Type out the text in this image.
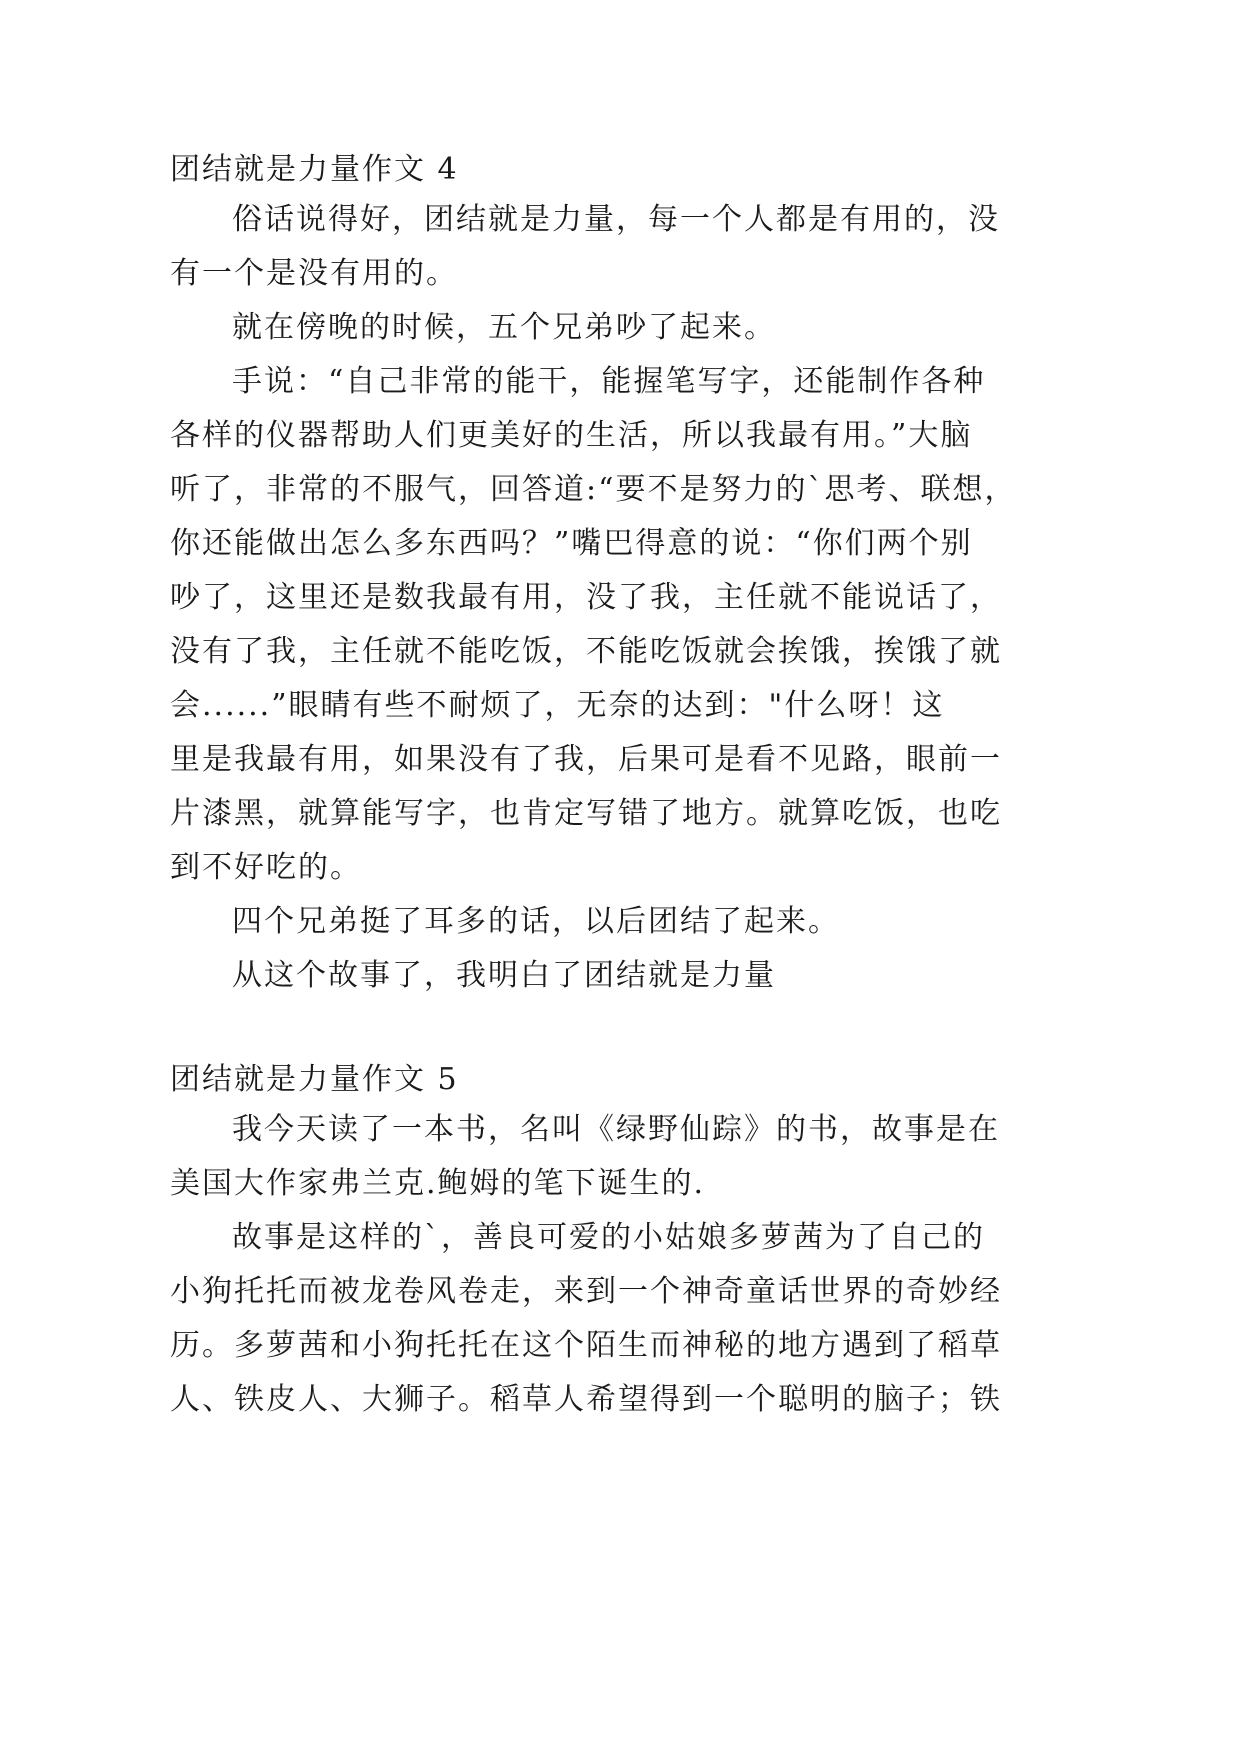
团结就是力量作文 4
俗话说得好，团结就是力量，每一个人都是有用的，没
有一个是没有用的。
就在傍晚的时候，五个兄弟吵了起来。
手说：“自己非常的能干，能握笔写字，还能制作各种
各样的仪器帮助人们更美好的生活，所以我最有用。”大脑
听了，非常的不服气，回答道:“要不是努力的`思考、联想，
你还能做出怎么多东西吗？”嘴巴得意的说：“你们两个别
吵了，这里还是数我最有用，没了我，主任就不能说话了，
没有了我，主任就不能吃饭，不能吃饭就会挨饿，挨饿了就
会......”眼睛有些不耐烦了，无奈的达到："什么呀！这
里是我最有用，如果没有了我，后果可是看不见路，眼前一
片漆黑，就算能写字，也肯定写错了地方。就算吃饭，也吃
到不好吃的。
四个兄弟挺了耳多的话，以后团结了起来。
从这个故事了，我明白了团结就是力量
团结就是力量作文 5
我今天读了一本书，名叫《绿野仙踪》的书，故事是在
美国大作家弗兰克.鲍姆的笔下诞生的.
故事是这样的`，善良可爱的小姑娘多萝茜为了自己的
小狗托托而被龙卷风卷走，来到一个神奇童话世界的奇妙经
历。多萝茜和小狗托托在这个陌生而神秘的地方遇到了稻草
人、铁皮人、大狮子。稻草人希望得到一个聪明的脑子；铁
